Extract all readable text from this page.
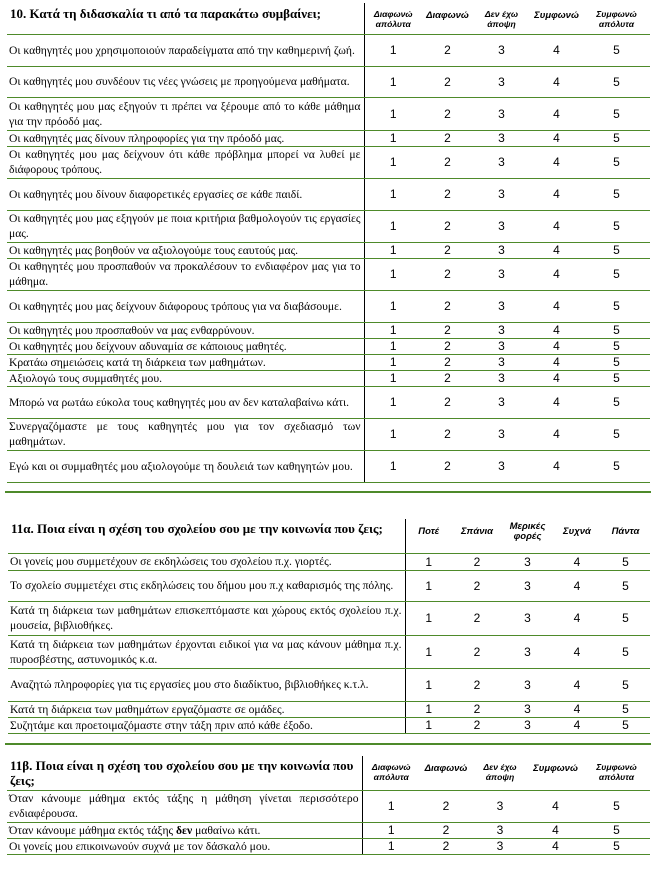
10. Κατά τη διδασκαλία τι από τα παρακάτω συμβαίνει;	Διαφωνώ απόλυτα	Διαφωνώ	Δεν έχω άποψη	Συμφωνώ	Συμφωνώ απόλυτα
Οι καθηγητές μου χρησιμοποιούν παραδείγματα από την καθημερινή ζωή.	1	2	3	4	5
Οι καθηγητές μου συνδέουν τις νέες γνώσεις με προηγούμενα μαθήματα.	1	2	3	4	5
Οι καθηγητές μου μας εξηγούν τι πρέπει να ξέρουμε από το κάθε μάθημα για την πρόοδό μας.	1	2	3	4	5
Οι καθηγητές μας δίνουν πληροφορίες για την πρόοδό μας.	1	2	3	4	5
Οι καθηγητές μου μας δείχνουν ότι κάθε πρόβλημα μπορεί να λυθεί με διάφορους τρόπους.	1	2	3	4	5
Οι καθηγητές μου δίνουν διαφορετικές εργασίες σε κάθε παιδί.	1	2	3	4	5
Οι καθηγητές μου μας εξηγούν με ποια κριτήρια βαθμολογούν τις εργασίες μας.	1	2	3	4	5
Οι καθηγητές μας βοηθούν να αξιολογούμε τους εαυτούς μας.	1	2	3	4	5
Οι καθηγητές μου προσπαθούν να προκαλέσουν το ενδιαφέρον μας για το μάθημα.	1	2	3	4	5
Οι καθηγητές μου μας δείχνουν διάφορους τρόπους για να διαβάσουμε.	1	2	3	4	5
Οι καθηγητές μου προσπαθούν να μας ενθαρρύνουν.	1	2	3	4	5
Οι καθηγητές μου δείχνουν αδυναμία σε κάποιους μαθητές.	1	2	3	4	5
Κρατάω σημειώσεις κατά τη διάρκεια των μαθημάτων.	1	2	3	4	5
Αξιολογώ τους συμμαθητές μου.	1	2	3	4	5
Μπορώ να ρωτάω εύκολα τους καθηγητές μου αν δεν καταλαβαίνω κάτι.	1	2	3	4	5
Συνεργαζόμαστε με τους καθηγητές μου για τον σχεδιασμό των μαθημάτων.	1	2	3	4	5
Εγώ και οι συμμαθητές μου αξιολογούμε τη δουλειά των καθηγητών μου.	1	2	3	4	5
11α. Ποια είναι η σχέση του σχολείου σου με την κοινωνία που ζεις;	Ποτέ	Σπάνια	Μερικές φορές	Συχνά	Πάντα
Οι γονείς μου συμμετέχουν σε εκδηλώσεις του σχολείου π.χ. γιορτές.	1	2	3	4	5
Το σχολείο συμμετέχει στις εκδηλώσεις του δήμου μου π.χ καθαρισμός της πόλης.	1	2	3	4	5
Κατά τη διάρκεια των μαθημάτων επισκεπτόμαστε και χώρους εκτός σχολείου π.χ. μουσεία, βιβλιοθήκες.	1	2	3	4	5
Κατά τη διάρκεια των μαθημάτων έρχονται ειδικοί για να μας κάνουν μάθημα π.χ. πυροσβέστης, αστυνομικός κ.α.	1	2	3	4	5
Αναζητώ πληροφορίες για τις εργασίες μου στο διαδίκτυο, βιβλιοθήκες κ.τ.λ.	1	2	3	4	5
Κατά τη διάρκεια των μαθημάτων εργαζόμαστε σε ομάδες.	1	2	3	4	5
Συζητάμε και προετοιμαζόμαστε στην τάξη πριν από κάθε έξοδο.	1	2	3	4	5
11β. Ποια είναι η σχέση του σχολείου σου με την κοινωνία που ζεις;	Διαφωνώ απόλυτα	Διαφωνώ	Δεν έχω άποψη	Συμφωνώ	Συμφωνώ απόλυτα
Όταν κάνουμε μάθημα εκτός τάξης η μάθηση γίνεται περισσότερο ενδιαφέρουσα.	1	2	3	4	5
Όταν κάνουμε μάθημα εκτός τάξης δεν μαθαίνω κάτι.	1	2	3	4	5
Οι γονείς μου επικοινωνούν συχνά με τον δάσκαλό μου.	1	2	3	4	5
